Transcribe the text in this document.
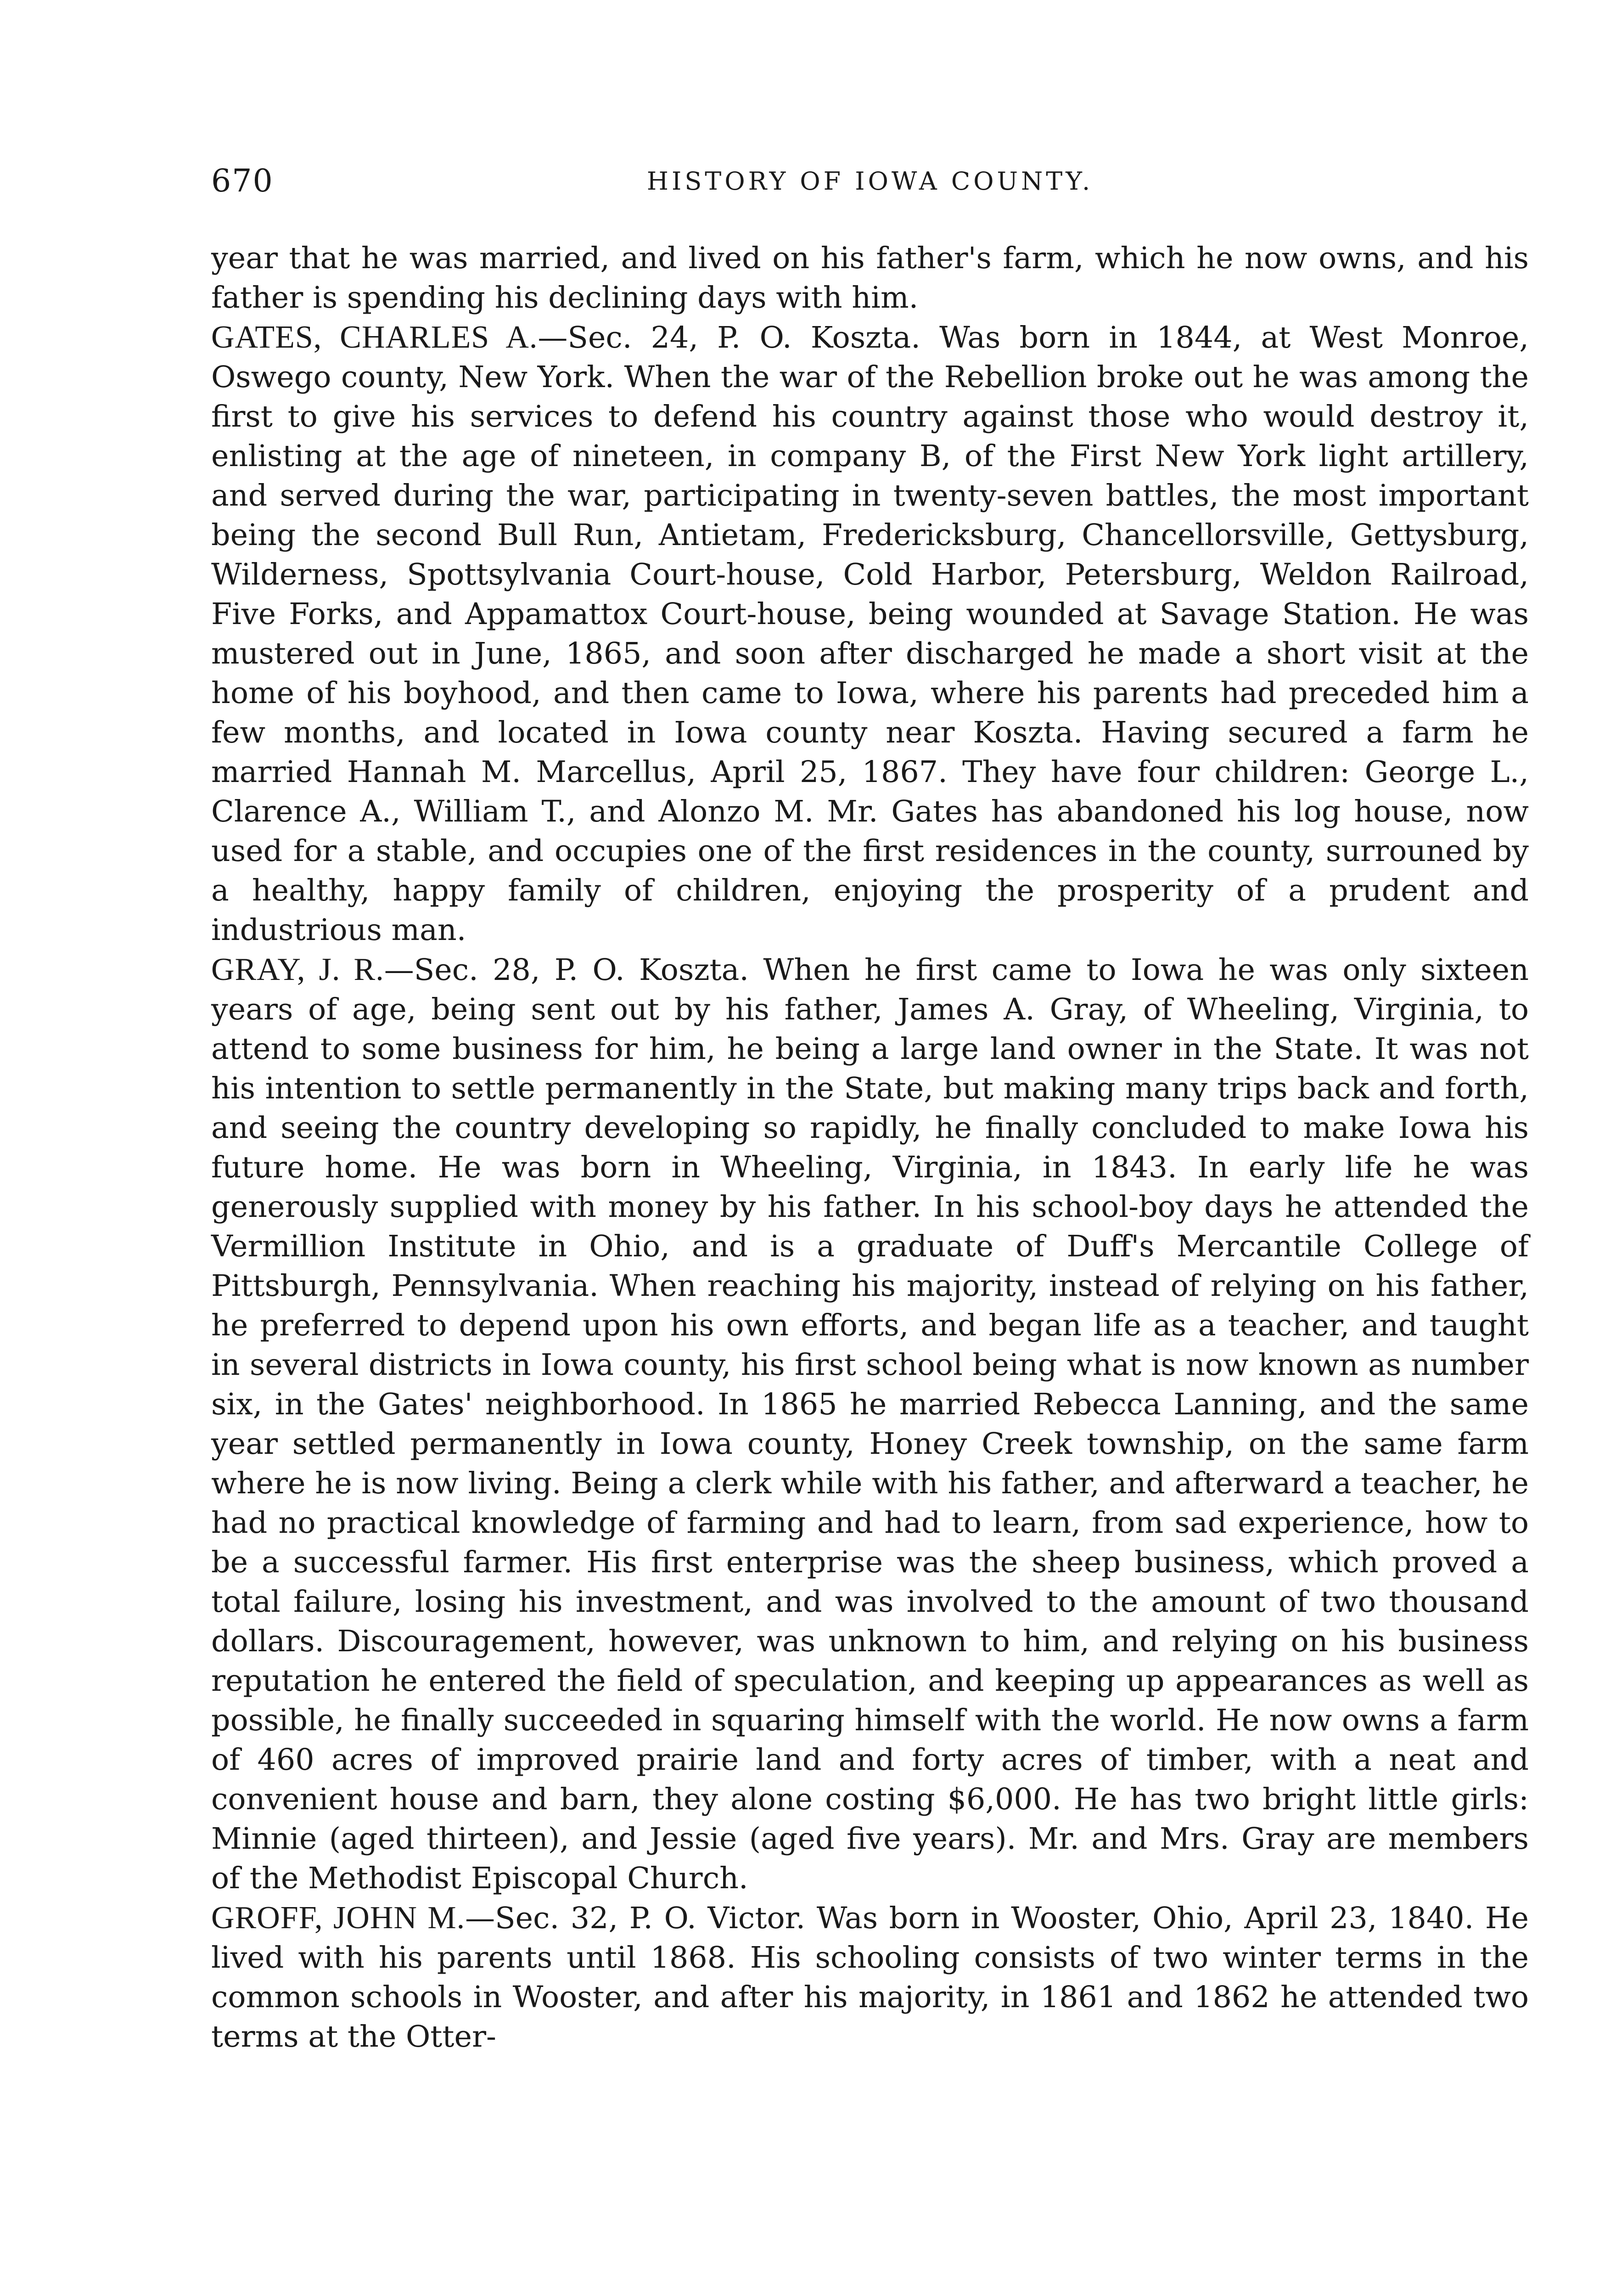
670	HISTORY OF IOWA COUNTY.

year that he was married, and lived on his father's farm, which he now owns, and his father is spending his declining days with him.

GATES, CHARLES A.—Sec. 24, P. O. Koszta. Was born in 1844, at West Monroe, Oswego county, New York. When the war of the Rebellion broke out he was among the first to give his services to defend his country against those who would destroy it, enlisting at the age of nineteen, in company B, of the First New York light artillery, and served during the war, participating in twenty-seven battles, the most important being the second Bull Run, Antietam, Fredericksburg, Chancellorsville, Gettysburg, Wilderness, Spottsylvania Court-house, Cold Harbor, Petersburg, Weldon Railroad, Five Forks, and Appamattox Court-house, being wounded at Savage Station. He was mustered out in June, 1865, and soon after discharged he made a short visit at the home of his boyhood, and then came to Iowa, where his parents had preceded him a few months, and located in Iowa county near Koszta. Having secured a farm he married Hannah M. Marcellus, April 25, 1867. They have four children: George L., Clarence A., William T., and Alonzo M. Mr. Gates has abandoned his log house, now used for a stable, and occupies one of the first residences in the county, surrouned by a healthy, happy family of children, enjoying the prosperity of a prudent and industrious man.

GRAY, J. R.—Sec. 28, P. O. Koszta. When he first came to Iowa he was only sixteen years of age, being sent out by his father, James A. Gray, of Wheeling, Virginia, to attend to some business for him, he being a large land owner in the State. It was not his intention to settle permanently in the State, but making many trips back and forth, and seeing the country developing so rapidly, he finally concluded to make Iowa his future home. He was born in Wheeling, Virginia, in 1843. In early life he was generously supplied with money by his father. In his school-boy days he attended the Vermillion Institute in Ohio, and is a graduate of Duff's Mercantile College of Pittsburgh, Pennsylvania. When reaching his majority, instead of relying on his father, he preferred to depend upon his own efforts, and began life as a teacher, and taught in several districts in Iowa county, his first school being what is now known as number six, in the Gates' neighborhood. In 1865 he married Rebecca Lanning, and the same year settled permanently in Iowa county, Honey Creek township, on the same farm where he is now living. Being a clerk while with his father, and afterward a teacher, he had no practical knowledge of farming and had to learn, from sad experience, how to be a successful farmer. His first enterprise was the sheep business, which proved a total failure, losing his investment, and was involved to the amount of two thousand dollars. Discouragement, however, was unknown to him, and relying on his business reputation he entered the field of speculation, and keeping up appearances as well as possible, he finally succeeded in squaring himself with the world. He now owns a farm of 460 acres of improved prairie land and forty acres of timber, with a neat and convenient house and barn, they alone costing $6,000. He has two bright little girls: Minnie (aged thirteen), and Jessie (aged five years). Mr. and Mrs. Gray are members of the Methodist Episcopal Church.

GROFF, JOHN M.—Sec. 32, P. O. Victor. Was born in Wooster, Ohio, April 23, 1840. He lived with his parents until 1868. His schooling consists of two winter terms in the common schools in Wooster, and after his majority, in 1861 and 1862 he attended two terms at the Otter-
